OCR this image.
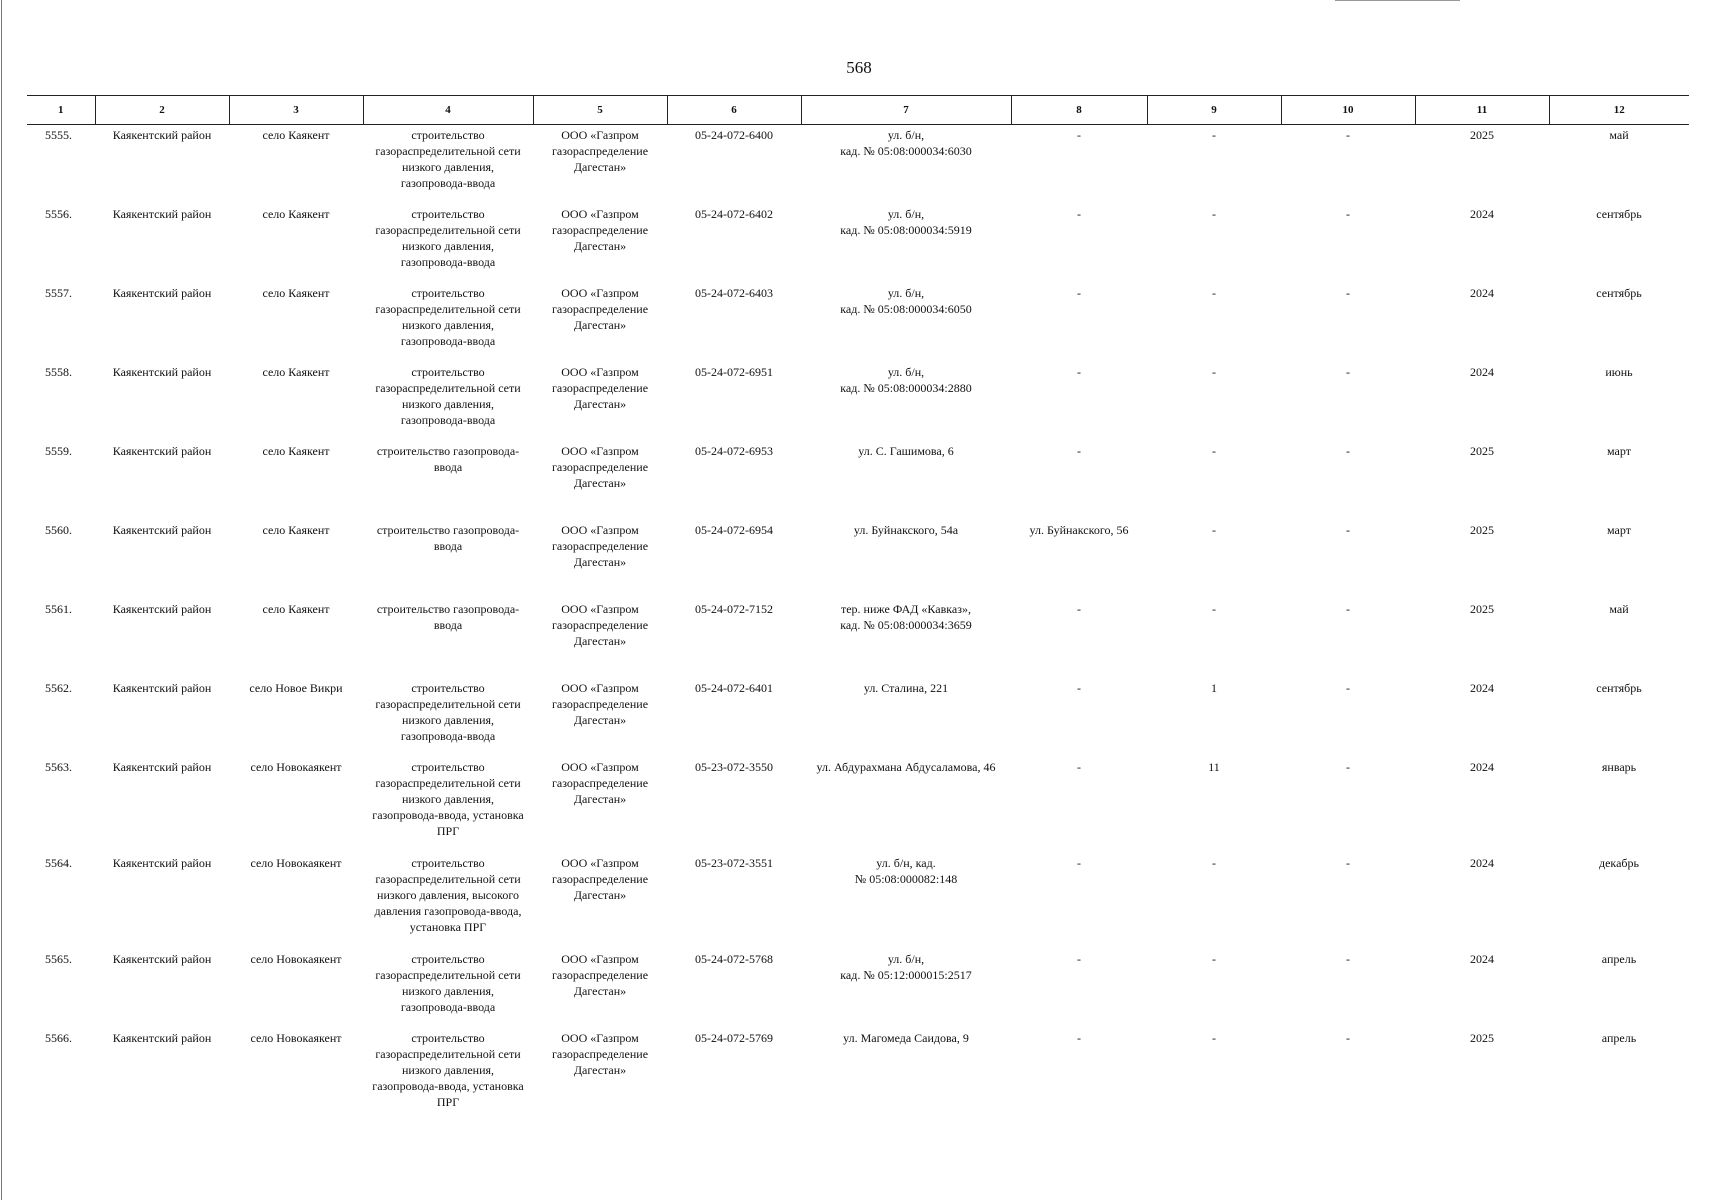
568
1	2	3	4	5	6	7	8	9	10	11	12
5555.	Каякентский район	село Каякент	строительство
газораспределительной сети
низкого давления,
газопровода-ввода	ООО «Газпром
газораспределение
Дагестан»	05-24-072-6400	ул. б/н,
кад. № 05:08:000034:6030	-	-	-	2025	май
5556.	Каякентский район	село Каякент	строительство
газораспределительной сети
низкого давления,
газопровода-ввода	ООО «Газпром
газораспределение
Дагестан»	05-24-072-6402	ул. б/н,
кад. № 05:08:000034:5919	-	-	-	2024	сентябрь
5557.	Каякентский район	село Каякент	строительство
газораспределительной сети
низкого давления,
газопровода-ввода	ООО «Газпром
газораспределение
Дагестан»	05-24-072-6403	ул. б/н,
кад. № 05:08:000034:6050	-	-	-	2024	сентябрь
5558.	Каякентский район	село Каякент	строительство
газораспределительной сети
низкого давления,
газопровода-ввода	ООО «Газпром
газораспределение
Дагестан»	05-24-072-6951	ул. б/н,
кад. № 05:08:000034:2880	-	-	-	2024	июнь
5559.	Каякентский район	село Каякент	строительство газопровода-
ввода	ООО «Газпром
газораспределение
Дагестан»	05-24-072-6953	ул. С. Гашимова, 6	-	-	-	2025	март
5560.	Каякентский район	село Каякент	строительство газопровода-
ввода	ООО «Газпром
газораспределение
Дагестан»	05-24-072-6954	ул. Буйнакского, 54а	ул. Буйнакского, 56	-	-	2025	март
5561.	Каякентский район	село Каякент	строительство газопровода-
ввода	ООО «Газпром
газораспределение
Дагестан»	05-24-072-7152	тер. ниже ФАД «Кавказ»,
кад. № 05:08:000034:3659	-	-	-	2025	май
5562.	Каякентский район	село Новое Викри	строительство
газораспределительной сети
низкого давления,
газопровода-ввода	ООО «Газпром
газораспределение
Дагестан»	05-24-072-6401	ул. Сталина, 221	-	1	-	2024	сентябрь
5563.	Каякентский район	село Новокаякент	строительство
газораспределительной сети
низкого давления,
газопровода-ввода, установка
ПРГ	ООО «Газпром
газораспределение
Дагестан»	05-23-072-3550	ул. Абдурахмана Абдусаламова, 46	-	11	-	2024	январь
5564.	Каякентский район	село Новокаякент	строительство
газораспределительной сети
низкого давления, высокого
давления газопровода-ввода,
установка ПРГ	ООО «Газпром
газораспределение
Дагестан»	05-23-072-3551	ул. б/н, кад.
№ 05:08:000082:148	-	-	-	2024	декабрь
5565.	Каякентский район	село Новокаякент	строительство
газораспределительной сети
низкого давления,
газопровода-ввода	ООО «Газпром
газораспределение
Дагестан»	05-24-072-5768	ул. б/н,
кад. № 05:12:000015:2517	-	-	-	2024	апрель
5566.	Каякентский район	село Новокаякент	строительство
газораспределительной сети
низкого давления,
газопровода-ввода, установка
ПРГ	ООО «Газпром
газораспределение
Дагестан»	05-24-072-5769	ул. Магомеда Саидова, 9	-	-	-	2025	апрель
